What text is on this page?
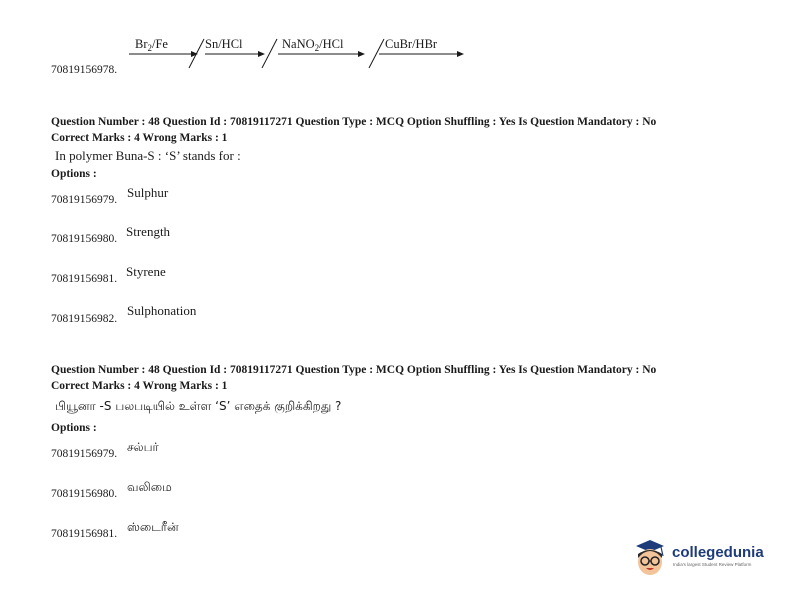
$Br_2/Fe$	Sn/HCl	NaNO$_2$/HCl	CuBr/HBr
70819156978.
Question Number : 48 Question Id : 70819117271 Question Type : MCQ Option Shuffling : Yes Is Question Mandatory : No
Correct Marks : 4 Wrong Marks : 1
In polymer Buna-S : ‘S’ stands for :
Options :
70819156979. Sulphur
70819156980. Strength
70819156981. Styrene
70819156982.
Sulphonation
Question Number : 48 Question Id : 70819117271 Question Type : MCQ Option Shuffling : Yes Is Question Mandatory : No
Correct Marks : 4 Wrong Marks : 1
பியூனா -S பலபடியில் உள்ள ‘S’ எதைக் குறிக்கிறது ?
Options :
70819156979. சல்பர்
70819156980. வலிமை
70819156981. ஸ்டைரீன்
collegedunia
India's largest Student Review Platform
